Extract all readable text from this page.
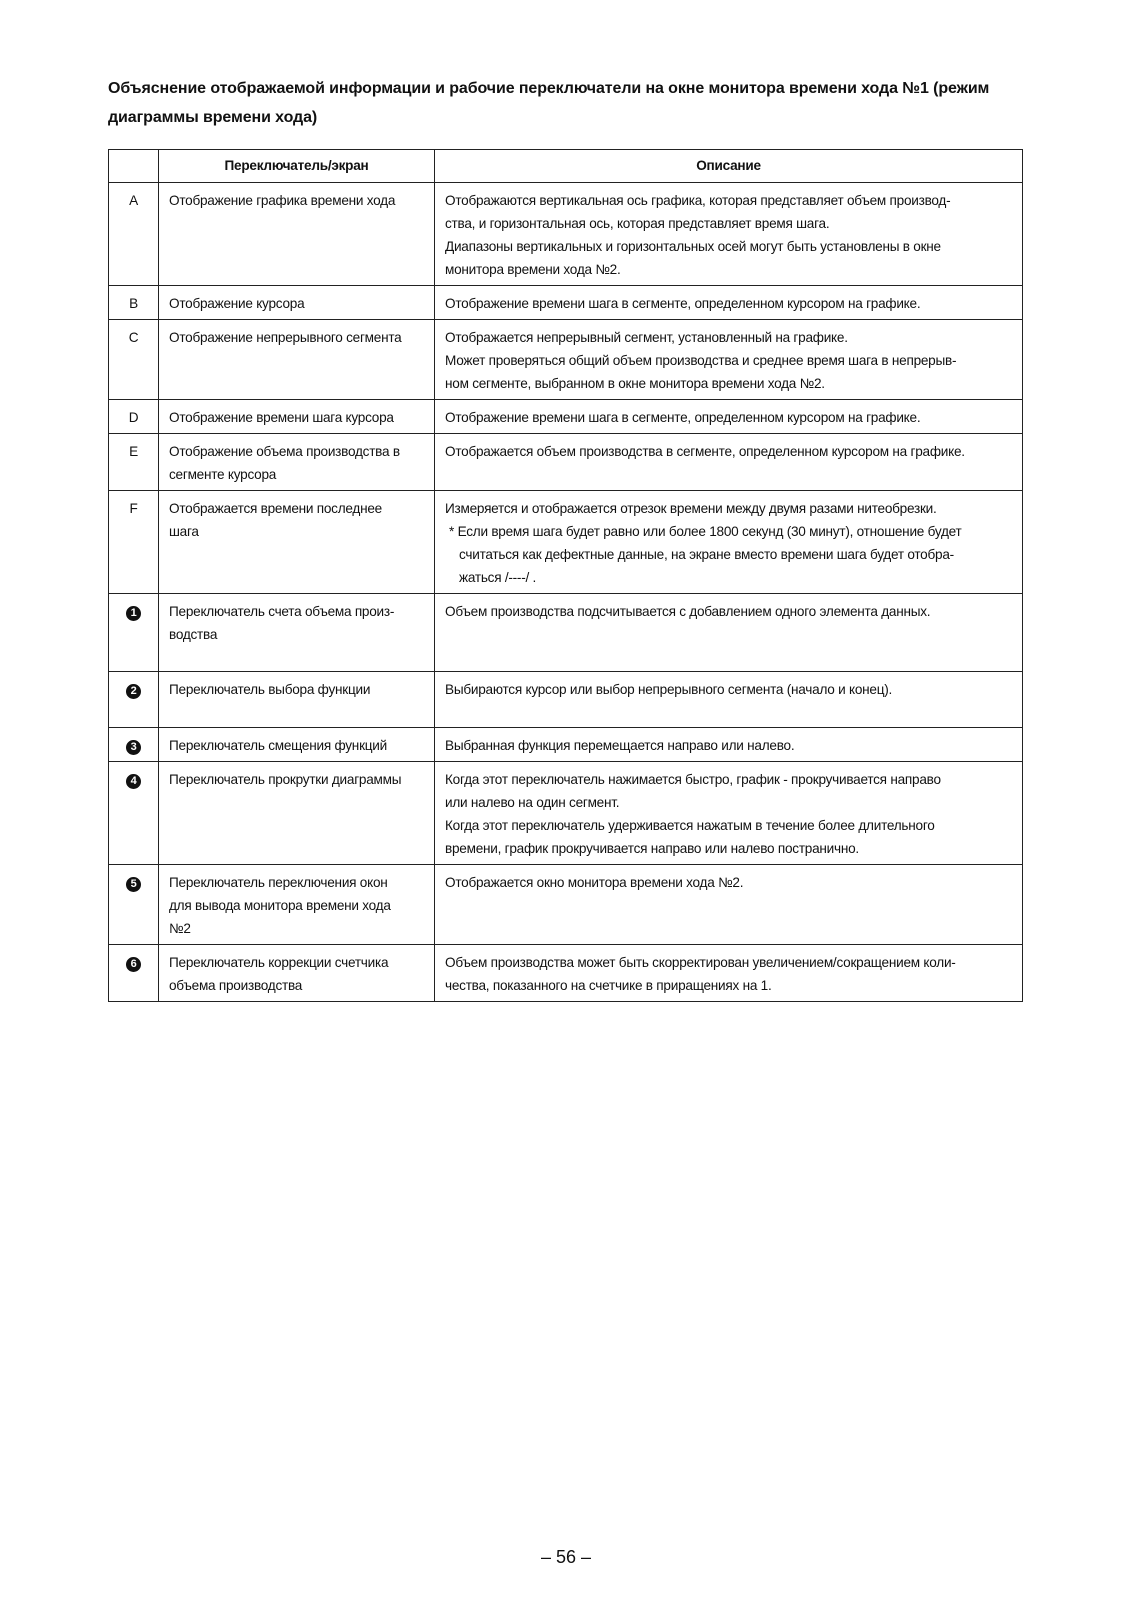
Объяснение отображаемой информации и рабочие переключатели на окне монитора времени хода №1 (режим
диаграммы времени хода)
	Переключатель/экран	Описание
A	Отображение графика времени хода	Отображаются вертикальная ось графика, которая представляет объем производ-
ства, и горизонтальная ось, которая представляет время шага.
Диапазоны вертикальных и горизонтальных осей могут быть установлены в окне
монитора времени хода №2.

B	Отображение курсора	Отображение времени шага в сегменте, определенном курсором на графике.

C	Отображение непрерывного сегмента	Отображается непрерывный сегмент, установленный на графике.
Может проверяться общий объем производства и среднее время шага в непрерыв-
ном сегменте, выбранном в окне монитора времени хода №2.

D	Отображение времени шага курсора	Отображение времени шага в сегменте, определенном курсором на графике.

E	Отображение объема производства в
сегменте курсора	Отображается объем производства в сегменте, определенном курсором на графике.

F	Отображается времени последнее
шага	Измеряется и отображается отрезок времени между двумя разами нитеобрезки.
* Если время шага будет равно или более 1800 секунд (30 минут), отношение будет
считаться как дефектные данные, на экране вместо времени шага будет отобра-
жаться /----/ .

1	Переключатель счета объема произ-
водства	Объем производства подсчитывается с добавлением одного элемента данных.

2	Переключатель выбора функции	Выбираются курсор или выбор непрерывного сегмента (начало и конец).

3	Переключатель смещения функций	Выбранная функция перемещается направо или налево.

4	Переключатель прокрутки диаграммы	Когда этот переключатель нажимается быстро, график - прокручивается направо
или налево на один сегмент.
Когда этот переключатель удерживается нажатым в течение более длительного
времени, график прокручивается направо или налево постранично.

5	Переключатель переключения окон
для вывода монитора времени хода
№2	Отображается окно монитора времени хода №2.

6	Переключатель коррекции счетчика
объема производства	Объем производства может быть скорректирован увеличением/сокращением коли-
чества, показанного на счетчике в приращениях на 1.
– 56 –
